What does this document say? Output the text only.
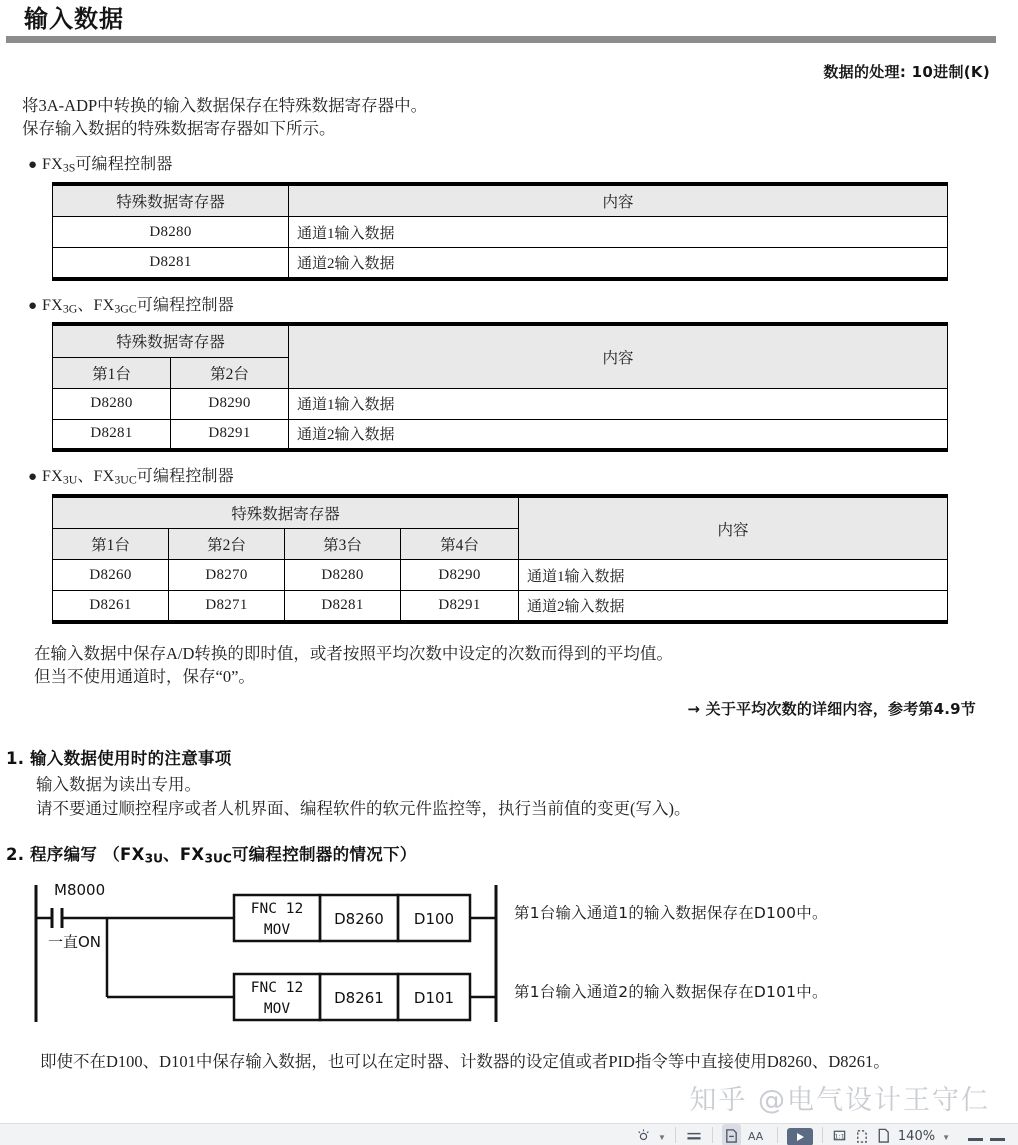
输入数据
数据的处理: 10进制(K)
将3A-ADP中转换的输入数据保存在特殊数据寄存器中。
保存输入数据的特殊数据寄存器如下所示。
● $FX_{3S}$可编程控制器
特殊数据寄存器	内容
D8280	通道1输入数据
D8281	通道2输入数据
● $FX_{3G}$、$FX_{3GC}$可编程控制器
特殊数据寄存器		内容
第1台	第2台	
D8280	D8290	通道1输入数据
D8281	D8291	通道2输入数据
● $FX_{3U}$、$FX_{3UC}$可编程控制器
特殊数据寄存器				内容
第1台	第2台	第3台	第4台	
D8260	D8270	D8280	D8290	通道1输入数据
D8261	D8271	D8281	D8291	通道2输入数据
在输入数据中保存A/D转换的即时值，或者按照平均次数中设定的次数而得到的平均值。
但当不使用通道时，保存“0”。
→ 关于平均次数的详细内容，参考第4.9节
1. 输入数据使用时的注意事项
输入数据为读出专用。
请不要通过顺控程序或者人机界面、编程软件的软元件监控等，执行当前值的变更(写入)。
2. 程序编写 （$FX_{3U}$、$FX_{3UC}$可编程控制器的情况下）
M8000
一直ON
FNC 12
MOV
D8260 D100
FNC 12
MOV
D8261 D101
第1台输入通道1的输入数据保存在D100中。
第1台输入通道2的输入数据保存在D101中。
即使不在D100、D101中保存输入数据，也可以在定时器、计数器的设定值或者PID指令等中直接使用D8260、D8261。
知乎 @电气设计王守仁
▼	AA	1:1	140% ▼
